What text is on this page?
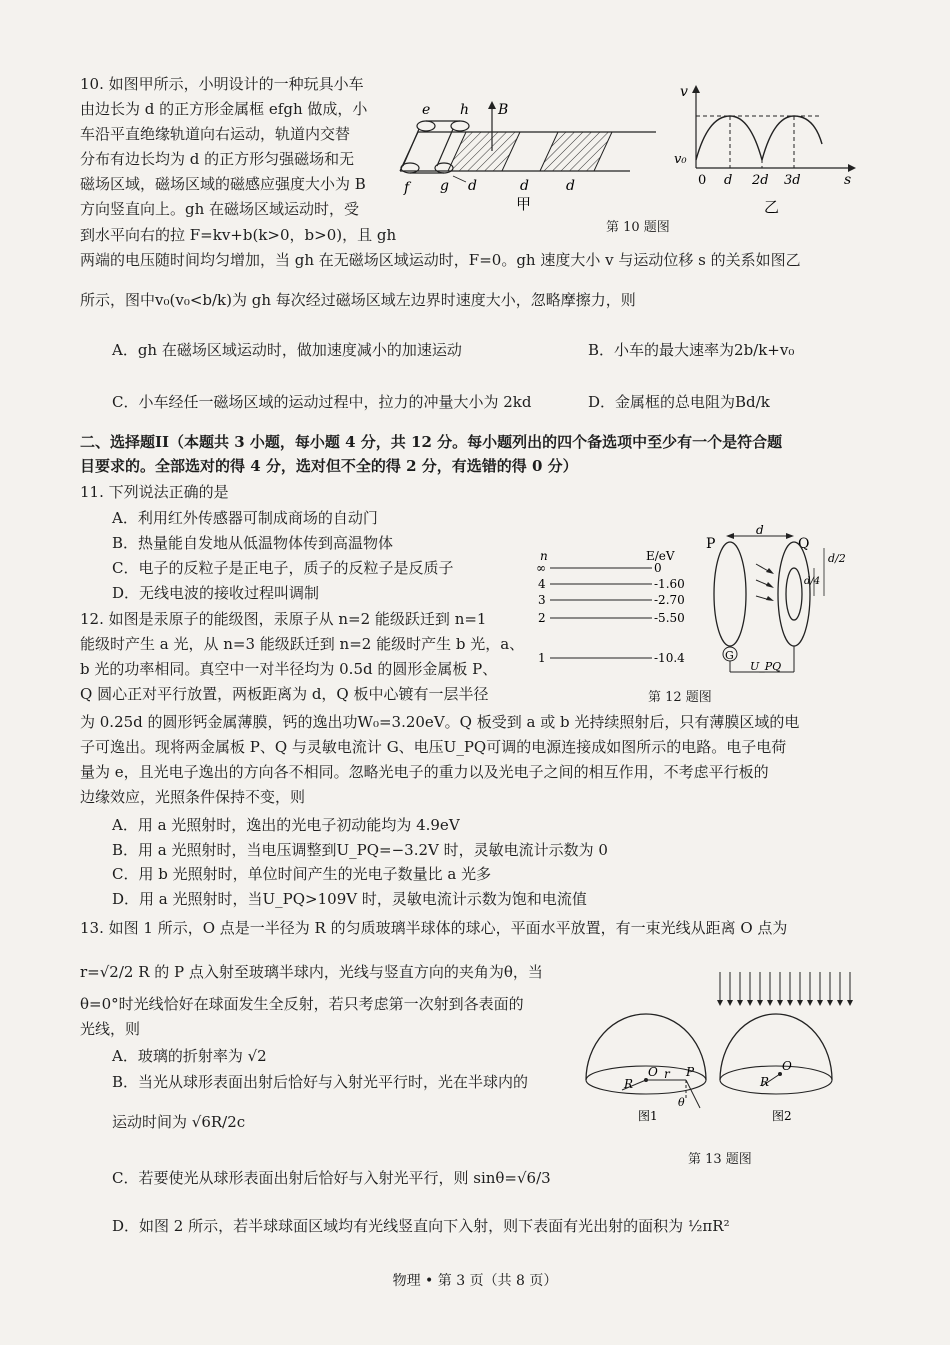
10. 如图甲所示，小明设计的一种玩具小车
由边长为 d 的正方形金属框 efgh 做成，小
车沿平直绝缘轨道向右运动，轨道内交替
分布有边长均为 d 的正方形匀强磁场和无
磁场区域，磁场区域的磁感应强度大小为 B
方向竖直向上。gh 在磁场区域运动时，受
到水平向右的拉 F=kv+b(k>0，b>0)，且 gh
两端的电压随时间均匀增加，当 gh 在无磁场区域运动时，F=0。gh 速度大小 v 与运动位移 s 的关系如图乙
所示，图中v₀(v₀<b/k)为 gh 每次经过磁场区域左边界时速度大小，忽略摩擦力，则
e h B
f g d	d	d
甲
v
v₀
s
0 d 2d 3d
乙
第 10 题图
A．gh 在磁场区域运动时，做加速度减小的加速运动	B．小车的最大速率为2b/k+v₀
C．小车经任一磁场区域的运动过程中，拉力的冲量大小为 2kd	D．金属框的总电阻为Bd/k
二、选择题II（本题共 3 小题，每小题 4 分，共 12 分。每小题列出的四个备选项中至少有一个是符合题
目要求的。全部选对的得 4 分，选对但不全的得 2 分，有选错的得 0 分）
11. 下列说法正确的是
A．利用红外传感器可制成商场的自动门
B．热量能自发地从低温物体传到高温物体
C．电子的反粒子是正电子，质子的反粒子是反质子
D．无线电波的接收过程叫调制
n	E/eV
∞	0
4	-1.60
3	-2.70
2	-5.50
1	-10.4
P	Q
d
d/2
d/4
G
U_PQ
第 12 题图
12. 如图是汞原子的能级图，汞原子从 n=2 能级跃迁到 n=1
能级时产生 a 光，从 n=3 能级跃迁到 n=2 能级时产生 b 光，a、
b 光的功率相同。真空中一对半径均为 0.5d 的圆形金属板 P、
Q 圆心正对平行放置，两板距离为 d，Q 板中心镀有一层半径
为 0.25d 的圆形钙金属薄膜，钙的逸出功W₀=3.20eV。Q 板受到 a 或 b 光持续照射后，只有薄膜区域的电
子可逸出。现将两金属板 P、Q 与灵敏电流计 G、电压U_PQ可调的电源连接成如图所示的电路。电子电荷
量为 e，且光电子逸出的方向各不相同。忽略光电子的重力以及光电子之间的相互作用，不考虑平行板的
边缘效应，光照条件保持不变，则
A．用 a 光照射时，逸出的光电子初动能均为 4.9eV
B．用 a 光照射时，当电压调整到U_PQ=−3.2V 时，灵敏电流计示数为 0
C．用 b 光照射时，单位时间产生的光电子数量比 a 光多
D．用 a 光照射时，当U_PQ>109V 时，灵敏电流计示数为饱和电流值
13. 如图 1 所示，O 点是一半径为 R 的匀质玻璃半球体的球心，平面水平放置，有一束光线从距离 O 点为
r=√2/2 R 的 P 点入射至玻璃半球内，光线与竖直方向的夹角为θ，当
θ=0°时光线恰好在球面发生全反射，若只考虑第一次射到各表面的
光线，则
A．玻璃的折射率为 √2
B．当光从球形表面出射后恰好与入射光平行时，光在半球内的
运动时间为 √6R/2c
C．若要使光从球形表面出射后恰好与入射光平行，则 sinθ=√6/3
D．如图 2 所示，若半球球面区域均有光线竖直向下入射，则下表面有光出射的面积为 ½πR²
R
O r P
θ
图1
R
O
图2
第 13 题图
物理 • 第 3 页（共 8 页）
